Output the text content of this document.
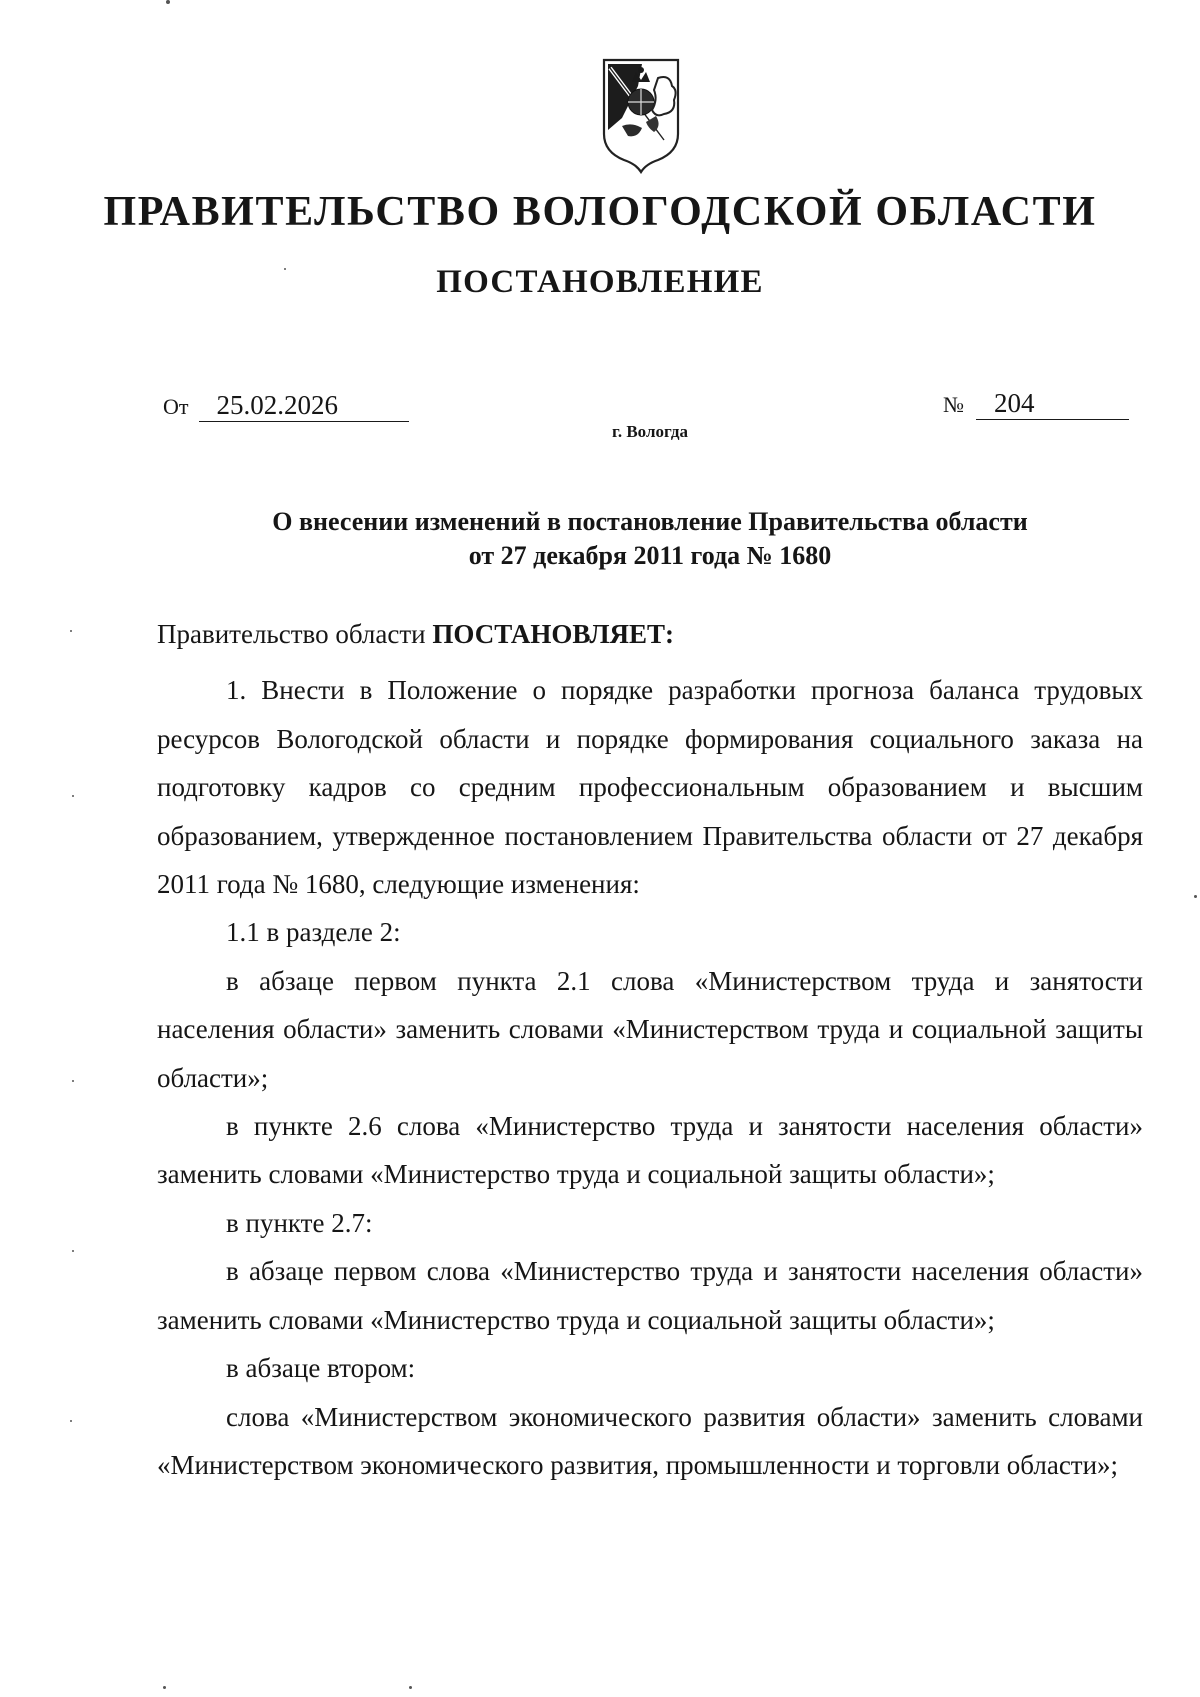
ПРАВИТЕЛЬСТВО ВОЛОГОДСКОЙ ОБЛАСТИ
ПОСТАНОВЛЕНИЕ
От 25.02.2026	№ 204
г. Вологда
О внесении изменений в постановление Правительства области
от 27 декабря 2011 года № 1680

Правительство области ПОСТАНОВЛЯЕТ:

1. Внести в Положение о порядке разработки прогноза баланса трудовых ресурсов Вологодской области и порядке формирования социального заказа на подготовку кадров со средним профессиональным образованием и высшим образованием, утвержденное постановлением Правительства области от 27 декабря 2011 года № 1680, следующие изменения:

1.1 в разделе 2:

в абзаце первом пункта 2.1 слова «Министерством труда и занятости населения области» заменить словами «Министерством труда и социальной защиты области»;

в пункте 2.6 слова «Министерство труда и занятости населения области» заменить словами «Министерство труда и социальной защиты области»;

в пункте 2.7:

в абзаце первом слова «Министерство труда и занятости населения области» заменить словами «Министерство труда и социальной защиты области»;

в абзаце втором:

слова «Министерством экономического развития области» заменить словами «Министерством экономического развития, промышленности и торговли области»;
